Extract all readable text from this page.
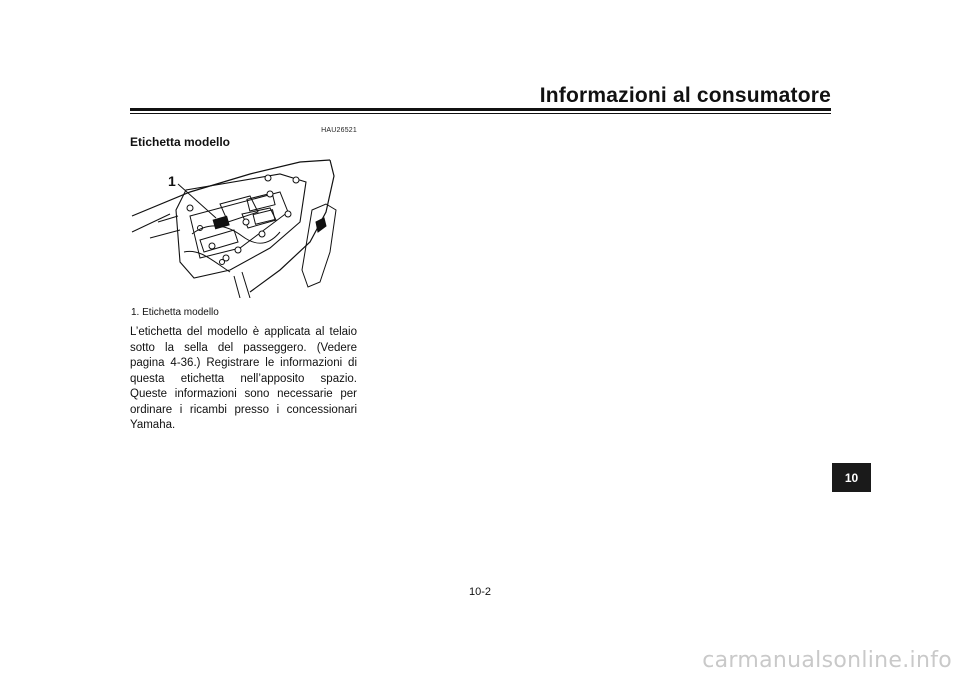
Informazioni al consumatore
HAU26521
Etichetta modello
1
1. Etichetta modello

L’etichetta del modello è applicata al telaio sotto la sella del passeggero. (Vedere pagina 4-36.) Registrare le informazioni di questa etichetta nell’apposito spazio. Queste informazioni sono necessarie per ordinare i ricambi presso i concessionari Yamaha.

10
10-2
carmanualsonline.info
